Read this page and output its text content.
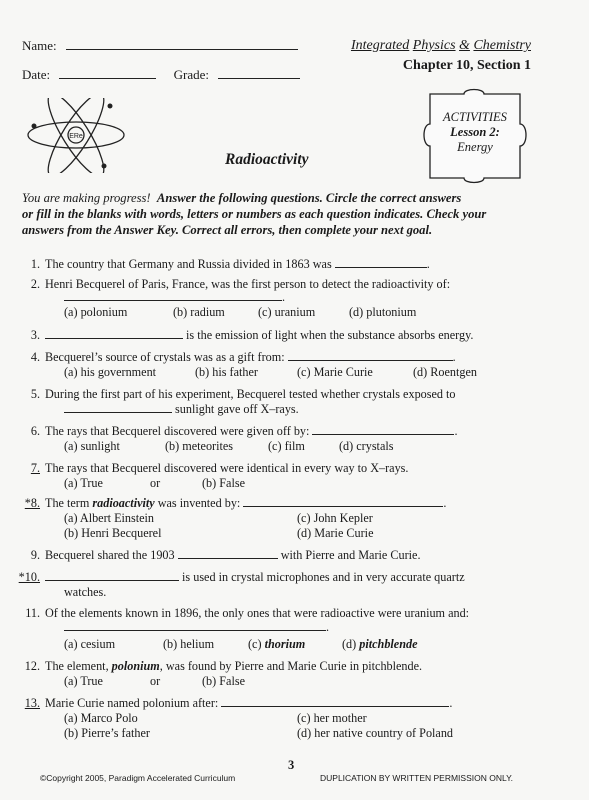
Name:
Date:	Grade:
Integrated Physics & Chemistry
Chapter 10, Section 1
ERe
ACTIVITIES
Lesson 2:
Energy
Radioactivity
You are making progress! Answer the following questions. Circle the correct answers
or fill in the blanks with words, letters or numbers as each question indicates. Check your
answers from the Answer Key. Correct all errors, then complete your next goal.
1. The country that Germany and Russia divided in 1863 was	.
2. Henri Becquerel of Paris, France, was the first person to detect the radioactivity of:
.
(a) polonium	(b) radium	(c) uranium	(d) plutonium
3.	is the emission of light when the substance absorbs energy.
4. Becquerel’s source of crystals was as a gift from:	.
(a) his government	(b) his father	(c) Marie Curie	(d) Roentgen
5. During the first part of his experiment, Becquerel tested whether crystals exposed to
sunlight gave off X–rays.
6. The rays that Becquerel discovered were given off by:	.
(a) sunlight	(b) meteorites	(c) film	(d) crystals
7. The rays that Becquerel discovered were identical in every way to X–rays.
(a) True	or	(b) False
*8. The term radioactivity was invented by:	.
(a) Albert Einstein	(c) John Kepler
(b) Henri Becquerel	(d) Marie Curie
9. Becquerel shared the 1903	with Pierre and Marie Curie.
*10.	is used in crystal microphones and in very accurate quartz
watches.
11. Of the elements known in 1896, the only ones that were radioactive were uranium and:
.
(a) cesium	(b) helium	(c) thorium	(d) pitchblende
12. The element, polonium, was found by Pierre and Marie Curie in pitchblende.
(a) True	or	(b) False
13. Marie Curie named polonium after:	.
(a) Marco Polo	(c) her mother
(b) Pierre’s father	(d) her native country of Poland
3
©Copyright 2005, Paradigm Accelerated Curriculum	DUPLICATION BY WRITTEN PERMISSION ONLY.
